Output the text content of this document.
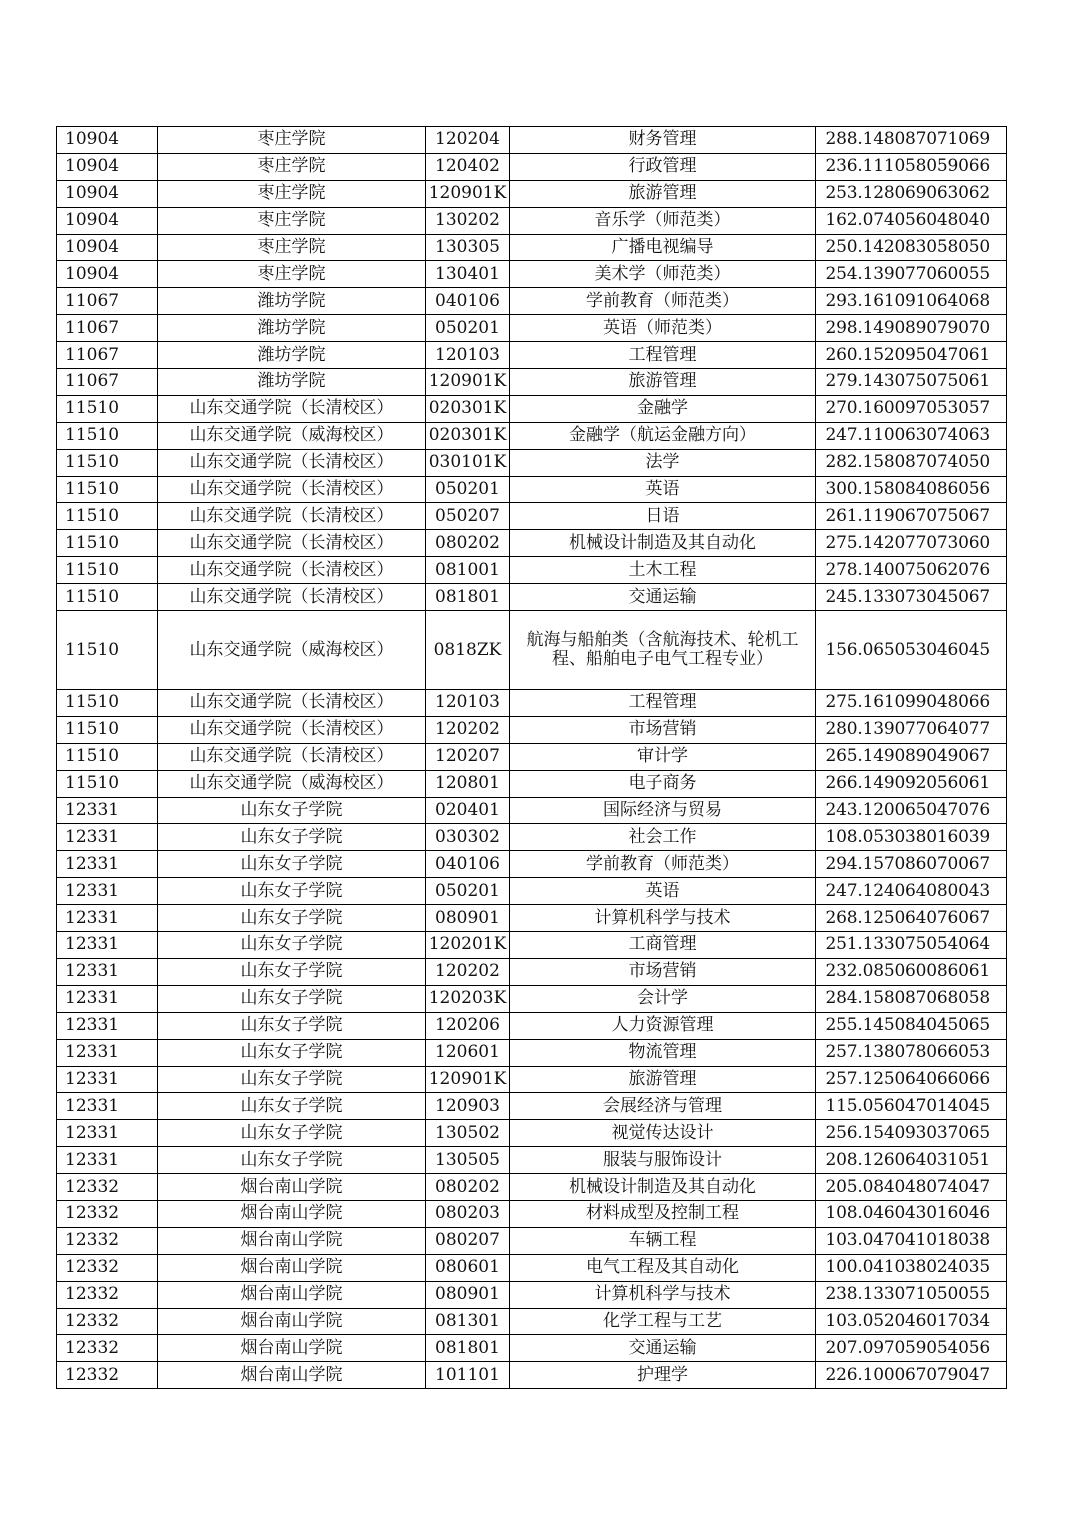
10904	枣庄学院	120204	财务管理	288.148087071069
10904	枣庄学院	120402	行政管理	236.111058059066
10904	枣庄学院	120901K	旅游管理	253.128069063062
10904	枣庄学院	130202	音乐学（师范类）	162.074056048040
10904	枣庄学院	130305	广播电视编导	250.142083058050
10904	枣庄学院	130401	美术学（师范类）	254.139077060055
11067	潍坊学院	040106	学前教育（师范类）	293.161091064068
11067	潍坊学院	050201	英语（师范类）	298.149089079070
11067	潍坊学院	120103	工程管理	260.152095047061
11067	潍坊学院	120901K	旅游管理	279.143075075061
11510	山东交通学院（长清校区）	020301K	金融学	270.160097053057
11510	山东交通学院（威海校区）	020301K	金融学（航运金融方向）	247.110063074063
11510	山东交通学院（长清校区）	030101K	法学	282.158087074050
11510	山东交通学院（长清校区）	050201	英语	300.158084086056
11510	山东交通学院（长清校区）	050207	日语	261.119067075067
11510	山东交通学院（长清校区）	080202	机械设计制造及其自动化	275.142077073060
11510	山东交通学院（长清校区）	081001	土木工程	278.140075062076
11510	山东交通学院（长清校区）	081801	交通运输	245.133073045067
11510	山东交通学院（威海校区）	0818ZK	航海与船舶类（含航海技术、轮机工程、船舶电子电气工程专业）	156.065053046045
11510	山东交通学院（长清校区）	120103	工程管理	275.161099048066
11510	山东交通学院（长清校区）	120202	市场营销	280.139077064077
11510	山东交通学院（长清校区）	120207	审计学	265.149089049067
11510	山东交通学院（威海校区）	120801	电子商务	266.149092056061
12331	山东女子学院	020401	国际经济与贸易	243.120065047076
12331	山东女子学院	030302	社会工作	108.053038016039
12331	山东女子学院	040106	学前教育（师范类）	294.157086070067
12331	山东女子学院	050201	英语	247.124064080043
12331	山东女子学院	080901	计算机科学与技术	268.125064076067
12331	山东女子学院	120201K	工商管理	251.133075054064
12331	山东女子学院	120202	市场营销	232.085060086061
12331	山东女子学院	120203K	会计学	284.158087068058
12331	山东女子学院	120206	人力资源管理	255.145084045065
12331	山东女子学院	120601	物流管理	257.138078066053
12331	山东女子学院	120901K	旅游管理	257.125064066066
12331	山东女子学院	120903	会展经济与管理	115.056047014045
12331	山东女子学院	130502	视觉传达设计	256.154093037065
12331	山东女子学院	130505	服装与服饰设计	208.126064031051
12332	烟台南山学院	080202	机械设计制造及其自动化	205.084048074047
12332	烟台南山学院	080203	材料成型及控制工程	108.046043016046
12332	烟台南山学院	080207	车辆工程	103.047041018038
12332	烟台南山学院	080601	电气工程及其自动化	100.041038024035
12332	烟台南山学院	080901	计算机科学与技术	238.133071050055
12332	烟台南山学院	081301	化学工程与工艺	103.052046017034
12332	烟台南山学院	081801	交通运输	207.097059054056
12332	烟台南山学院	101101	护理学	226.100067079047
